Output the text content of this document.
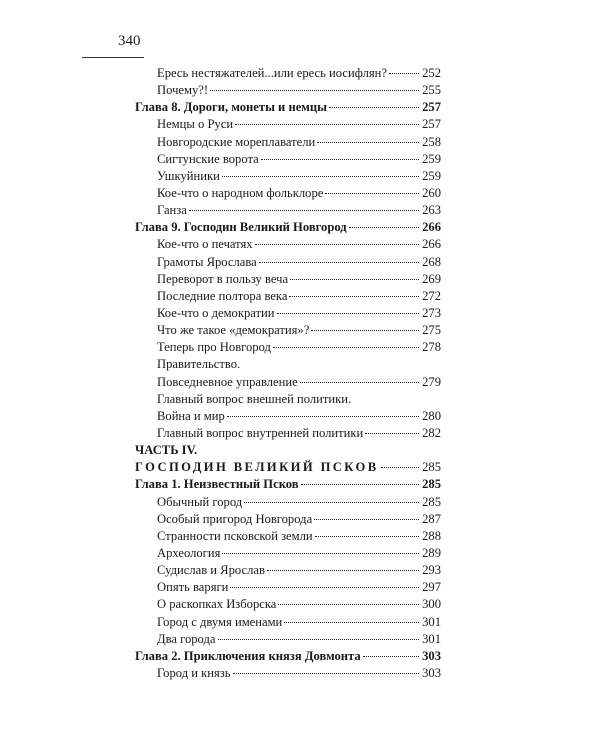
340
Ересь нестяжателей...или ересь иосифлян?	252
Почему?!	255
Глава 8. Дороги, монеты и немцы	257
Немцы о Руси	257
Новгородские мореплаватели	258
Сигтунские ворота	259
Ушкуйники	259
Кое-что о народном фольклоре	260
Ганза	263
Глава 9. Господин Великий Новгород	266
Кое-что о печатях	266
Грамоты Ярослава	268
Переворот в пользу веча	269
Последние полтора века	272
Кое-что о демократии	273
Что же такое «демократия»?	275
Теперь про Новгород	278
Правительство.
Повседневное управление	279
Главный вопрос внешней политики.
Война и мир	280
Главный вопрос внутренней политики	282
ЧАСТЬ IV.
ГОСПОДИН ВЕЛИКИЙ ПСКОВ	285
Глава 1. Неизвестный Псков	285
Обычный город	285
Особый пригород Новгорода	287
Странности псковской земли	288
Археология	289
Судислав и Ярослав	293
Опять варяги	297
О раскопках Изборска	300
Город с двумя именами	301
Два города	301
Глава 2. Приключения князя Довмонта	303
Город и князь	303
